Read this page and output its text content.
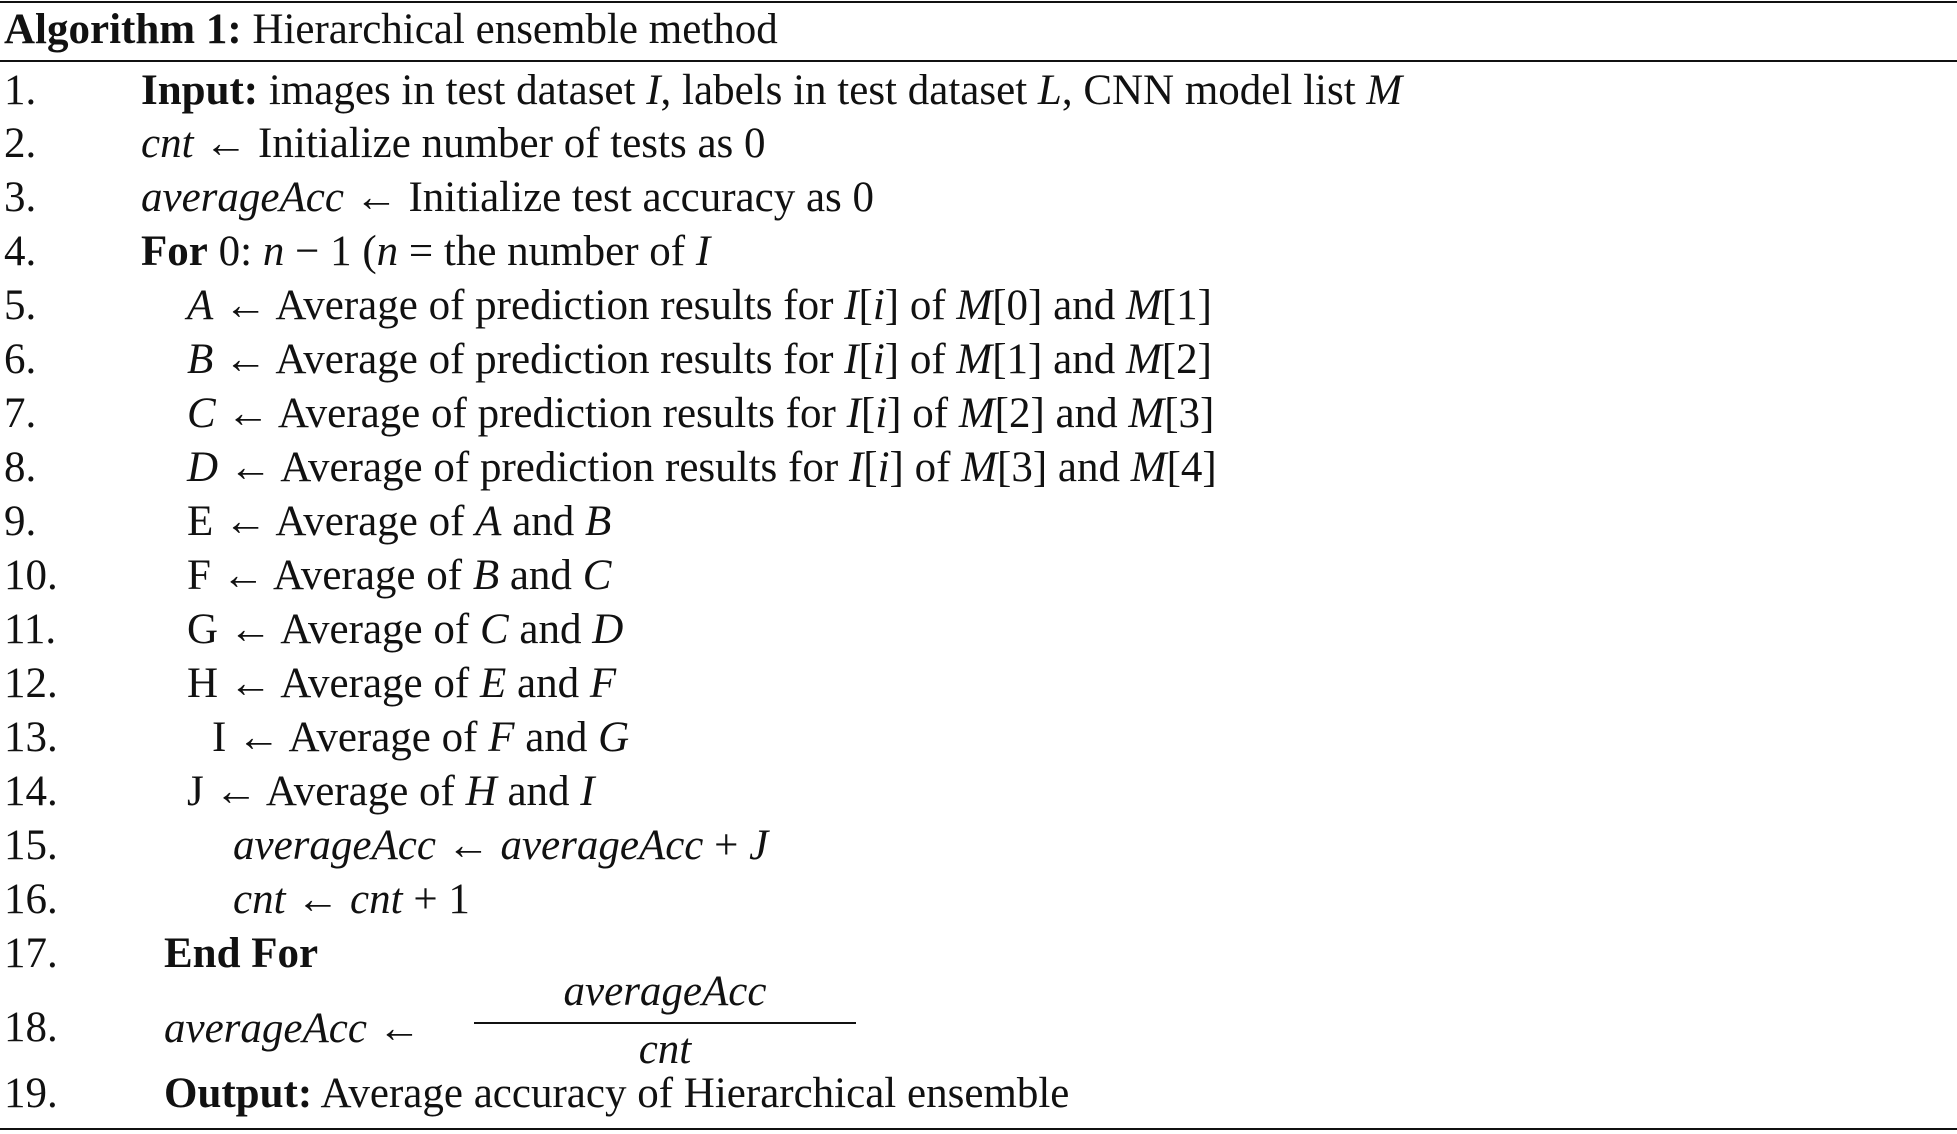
Algorithm 1: Hierarchical ensemble method
1. Input: images in test dataset I, labels in test dataset L, CNN model list M
2. cnt ← Initialize number of tests as 0
3. averageAcc ← Initialize test accuracy as 0
4. For 0: n − 1 (n = the number of I
5.	A ← Average of prediction results for I[i] of M[0] and M[1]
6.	B ← Average of prediction results for I[i] of M[1] and M[2]
7.	C ← Average of prediction results for I[i] of M[2] and M[3]
8.	D ← Average of prediction results for I[i] of M[3] and M[4]
9.	E ← Average of A and B
10.	F ← Average of B and C
11.	G ← Average of C and D
12.	H ← Average of E and F
13.	I ← Average of F and G
14.	J ← Average of H and I
15.	averageAcc ← averageAcc + J
16.	cnt ← cnt + 1
17. End For
18. averageAcc ←
averageAcc
cnt
19. Output: Average accuracy of Hierarchical ensemble
